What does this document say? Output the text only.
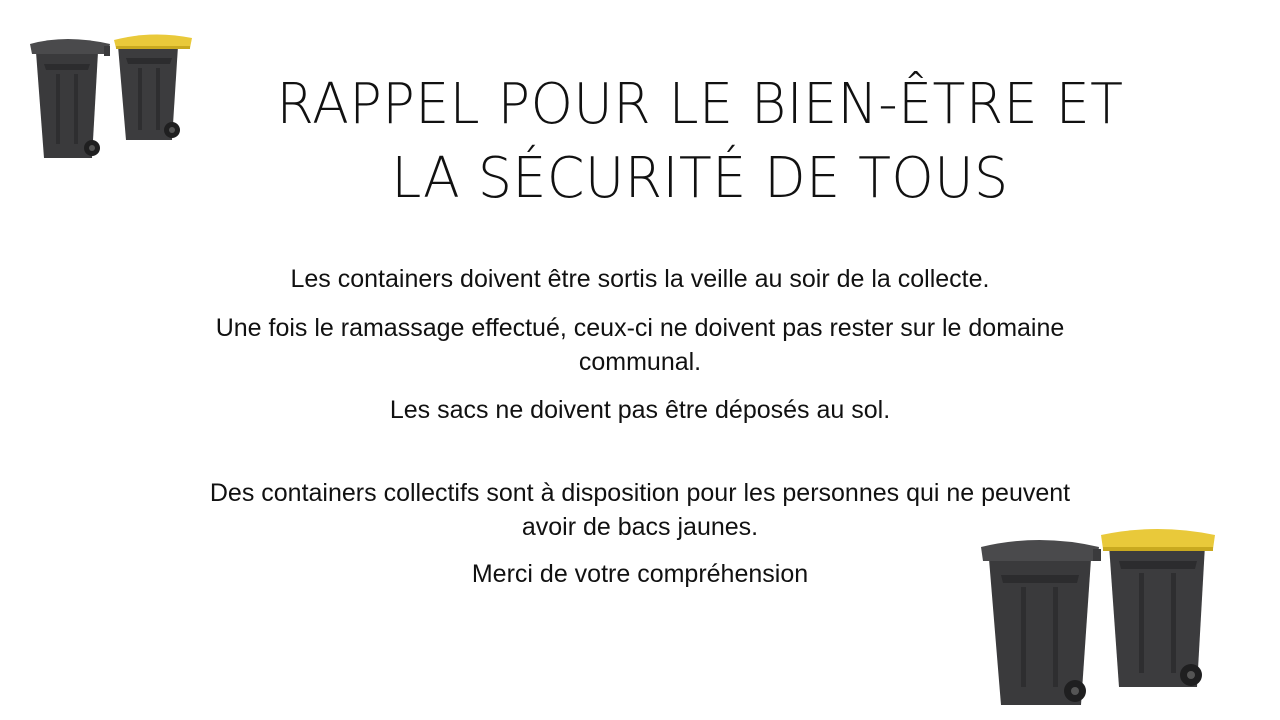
RAPPEL POUR LE BIEN-ÊTRE ET
LA SÉCURITÉ DE TOUS
Les containers doivent être sortis la veille au soir de la collecte.
Une fois le ramassage effectué, ceux-ci ne doivent pas rester sur le domaine communal.
Les sacs ne doivent pas être déposés au sol.
Des containers collectifs sont à disposition pour les personnes qui ne peuvent avoir de bacs jaunes.
Merci de votre compréhension
